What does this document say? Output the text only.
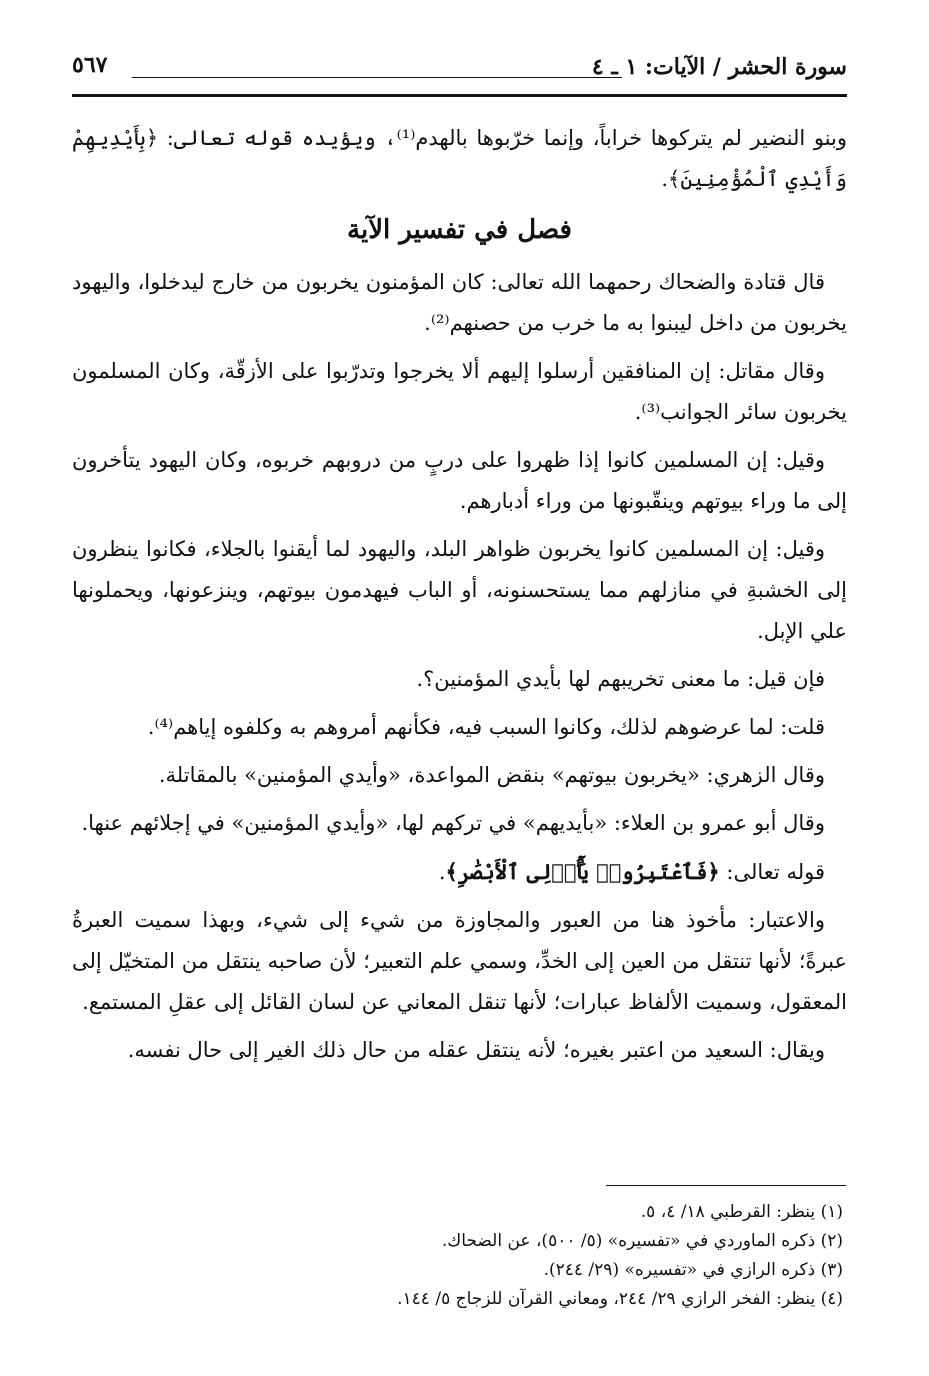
سورة الحشر / الآيات: ١ ـ ٤
٥٦٧

وبنو النضير لم يتركوها خراباً، وإنما خرّبوها بالهدم⁽¹⁾، ويؤيده قوله تعالى: ﴿بِأَيْدِيهِمْ وَأَيْدِي ٱلْمُؤْمِنِينَ﴾.

فصل في تفسير الآية

قال قتادة والضحاك رحمهما الله تعالى: كان المؤمنون يخربون من خارج ليدخلوا، واليهود يخربون من داخل ليبنوا به ما خرب من حصنهم⁽²⁾.

وقال مقاتل: إن المنافقين أرسلوا إليهم ألا يخرجوا وتدرّبوا على الأزقّة، وكان المسلمون يخربون سائر الجوانب⁽³⁾.

وقيل: إن المسلمين كانوا إذا ظهروا على دربٍ من دروبهم خربوه، وكان اليهود يتأخرون إلى ما وراء بيوتهم وينقّبونها من وراء أدبارهم.

وقيل: إن المسلمين كانوا يخربون ظواهر البلد، واليهود لما أيقنوا بالجلاء، فكانوا ينظرون إلى الخشبةِ في منازلهم مما يستحسنونه، أو الباب فيهدمون بيوتهم، وينزعونها، ويحملونها علي الإبل.

فإن قيل: ما معنى تخريبهم لها بأيدي المؤمنين؟.

قلت: لما عرضوهم لذلك، وكانوا السبب فيه، فكأنهم أمروهم به وكلفوه إياهم⁽⁴⁾.

وقال الزهري: «يخربون بيوتهم» بنقض المواعدة، «وأيدي المؤمنين» بالمقاتلة.

وقال أبو عمرو بن العلاء: «بأيديهم» في تركهم لها، «وأيدي المؤمنين» في إجلائهم عنها.

قوله تعالى: ﴿فَٱعْتَبِرُوا۟ يَٰٓأُو۟لِى ٱلْأَبْصَٰرِ﴾.

والاعتبار: مأخوذ هنا من العبور والمجاوزة من شيء إلى شيء، وبهذا سميت العبرةُ عبرةً؛ لأنها تنتقل من العين إلى الخدِّ، وسمي علم التعبير؛ لأن صاحبه ينتقل من المتخيّل إلى المعقول، وسميت الألفاظ عبارات؛ لأنها تنقل المعاني عن لسان القائل إلى عقلِ المستمع.

ويقال: السعيد من اعتبر بغيره؛ لأنه ينتقل عقله من حال ذلك الغير إلى حال نفسه.

(١) ينظر: القرطبي ١٨/ ٤، ٥.

(٢) ذكره الماوردي في «تفسيره» (٥/ ٥٠٠)، عن الضحاك.

(٣) ذكره الرازي في «تفسيره» (٢٩/ ٢٤٤).

(٤) ينظر: الفخر الرازي ٢٩/ ٢٤٤، ومعاني القرآن للزجاج ٥/ ١٤٤.
